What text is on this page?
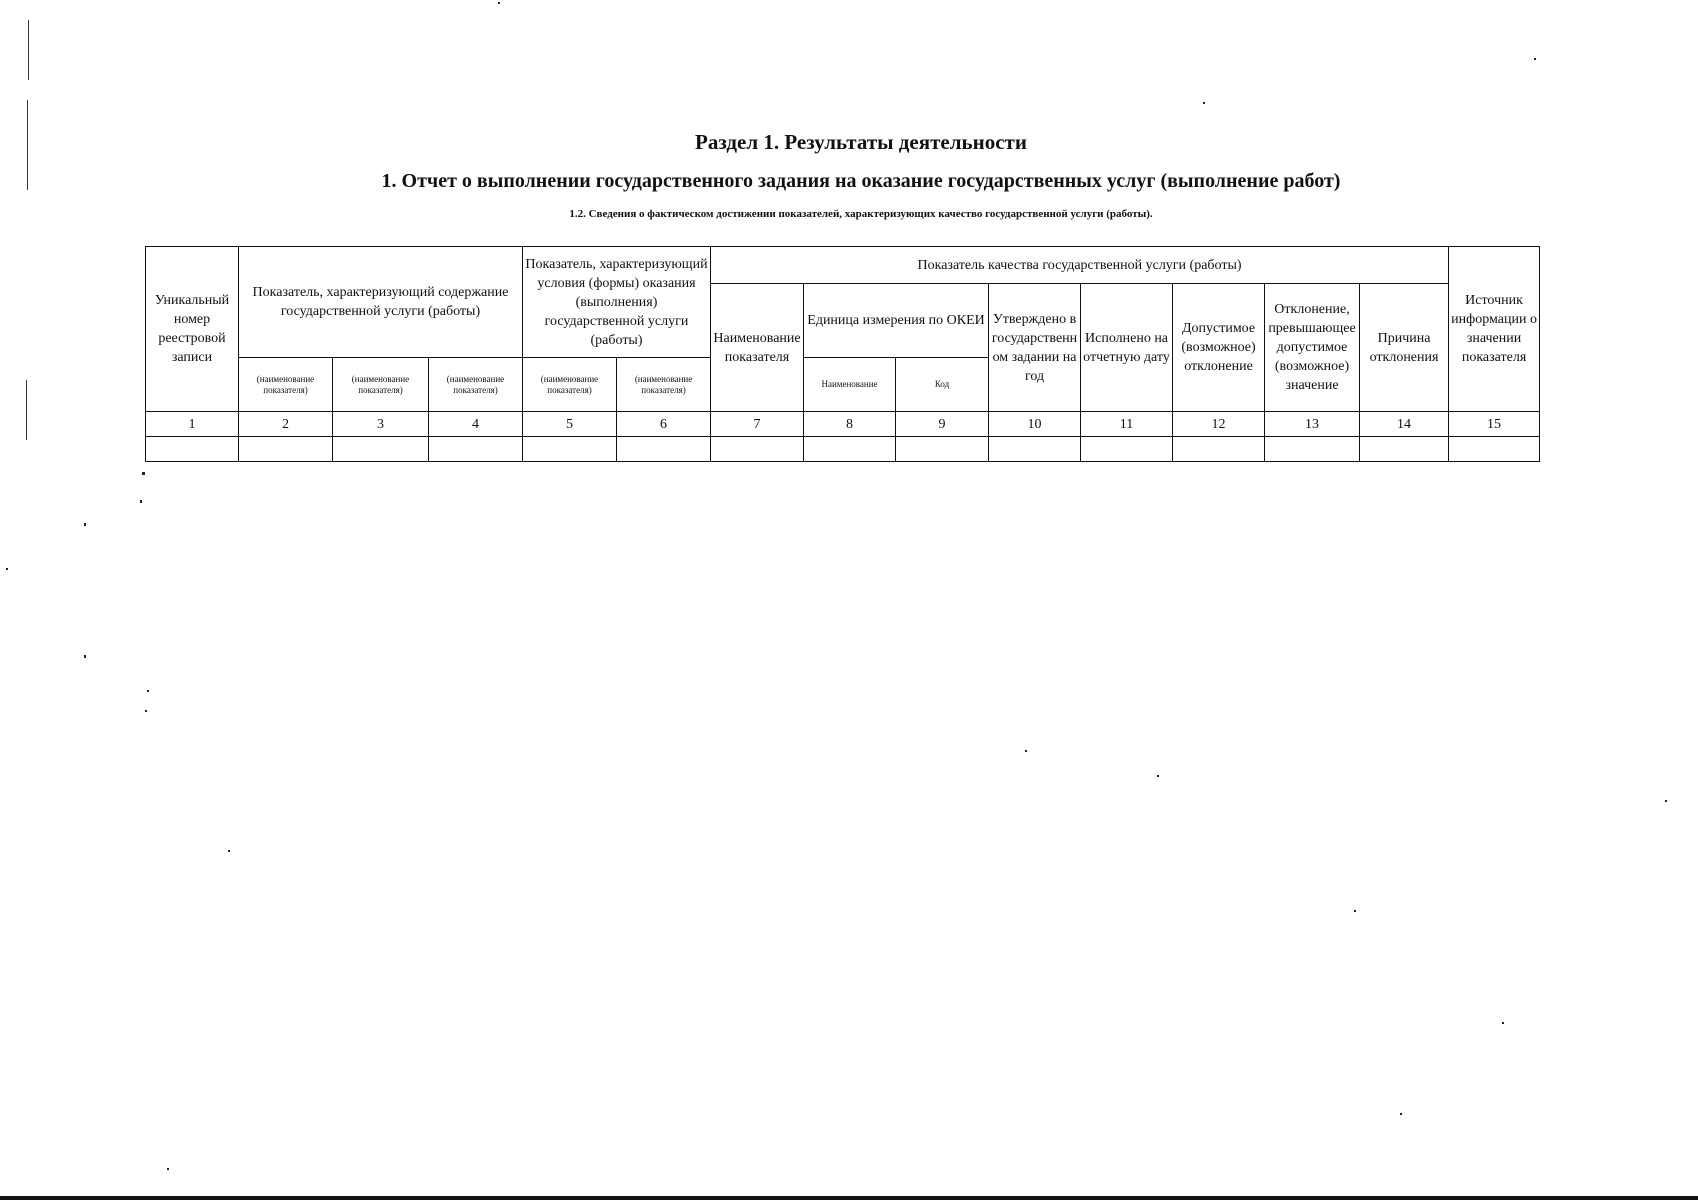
Раздел 1. Результаты деятельности
1. Отчет о выполнении государственного задания на оказание государственных услуг (выполнение работ)
1.2. Сведения о фактическом достижении показателей, характеризующих качество государственной услуги (работы).
Уникальный номер реестровой записи	Показатель, характеризующий содержание государственной услуги (работы)			Показатель, характеризующий условия (формы) оказания (выполнения) государственной услуги (работы)		Показатель качества государственной услуги (работы)								Источник информации о значении показателя
						Наименование показателя	Единица измерения по ОКЕИ		Утверждено в государственном задании на год	Исполнено на отчетную дату	Допустимое (возможное) отклонение	Отклонение, превышающее допустимое (возможное) значение	Причина отклонения	
	(наименование показателя)	(наименование показателя)	(наименование показателя)	(наименование показателя)	(наименование показателя)		Наименование	Код						
1	2	3	4	5	6	7	8	9	10	11	12	13	14	15
